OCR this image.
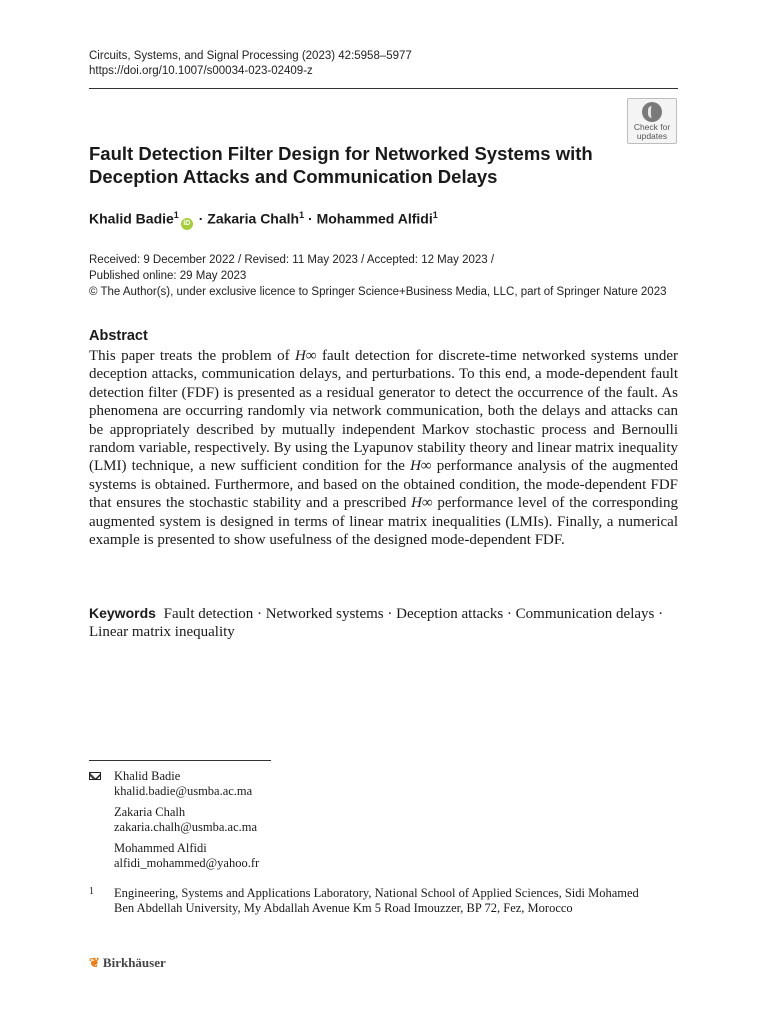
Circuits, Systems, and Signal Processing (2023) 42:5958–5977
https://doi.org/10.1007/s00034-023-02409-z
Check for
updates
Fault Detection Filter Design for Networked Systems with Deception Attacks and Communication Delays
Khalid Badie$^1$iD · Zakaria Chalh$^1$ · Mohammed Alfidi$^1$
Received: 9 December 2022 / Revised: 11 May 2023 / Accepted: 12 May 2023 /
Published online: 29 May 2023
© The Author(s), under exclusive licence to Springer Science+Business Media, LLC, part of Springer Nature 2023
Abstract
This paper treats the problem of H∞ fault detection for discrete-time networked systems under deception attacks, communication delays, and perturbations. To this end, a mode-dependent fault detection filter (FDF) is presented as a residual generator to detect the occurrence of the fault. As phenomena are occurring randomly via network communication, both the delays and attacks can be appropriately described by mutually independent Markov stochastic process and Bernoulli random variable, respectively. By using the Lyapunov stability theory and linear matrix inequality (LMI) technique, a new sufficient condition for the H∞ performance analysis of the augmented systems is obtained. Furthermore, and based on the obtained condition, the mode-dependent FDF that ensures the stochastic stability and a prescribed H∞ performance level of the corresponding augmented system is designed in terms of linear matrix inequalities (LMIs). Finally, a numerical example is presented to show usefulness of the designed mode-dependent FDF.
Keywords Fault detection · Networked systems · Deception attacks · Communication delays · Linear matrix inequality
Khalid Badie
khalid.badie@usmba.ac.ma
Zakaria Chalh
zakaria.chalh@usmba.ac.ma
Mohammed Alfidi
alfidi_mohammed@yahoo.fr
1	Engineering, Systems and Applications Laboratory, National School of Applied Sciences, Sidi Mohamed Ben Abdellah University, My Abdallah Avenue Km 5 Road Imouzzer, BP 72, Fez, Morocco
❦ Birkhäuser
